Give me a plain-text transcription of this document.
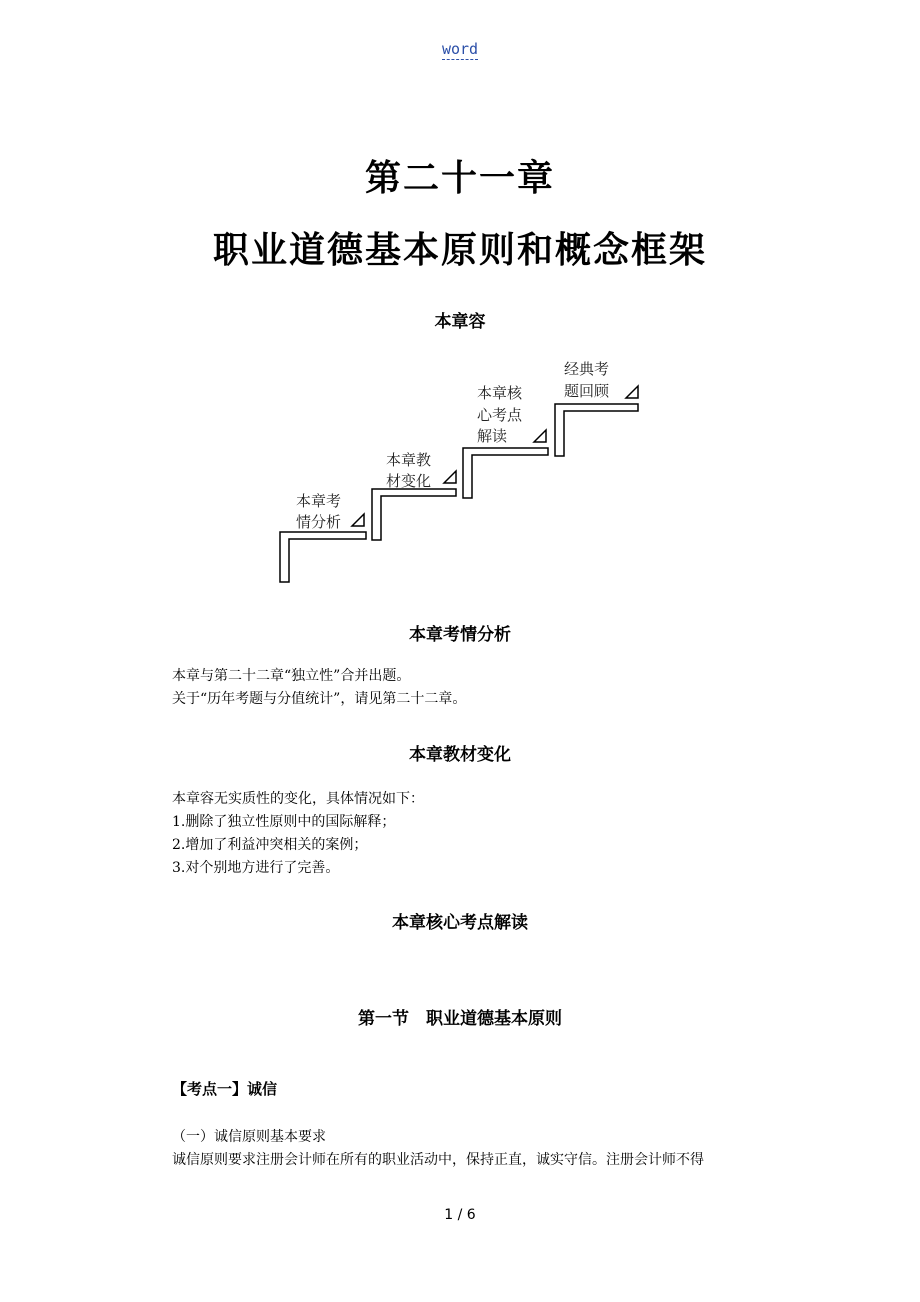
word
第二十一章
职业道德基本原则和概念框架
本章容
本章考
情分析
本章教
材变化
本章核
心考点
解读
经典考
题回顾
本章考情分析
本章与第二十二章“独立性”合并出题。
关于“历年考题与分值统计”，请见第二十二章。
本章教材变化
本章容无实质性的变化，具体情况如下：
1.删除了独立性原则中的国际解释；
2.增加了利益冲突相关的案例；
3.对个别地方进行了完善。
本章核心考点解读
第一节　职业道德基本原则
【考点一】诚信
（一）诚信原则基本要求
诚信原则要求注册会计师在所有的职业活动中，保持正直，诚实守信。注册会计师不得
1 / 6
